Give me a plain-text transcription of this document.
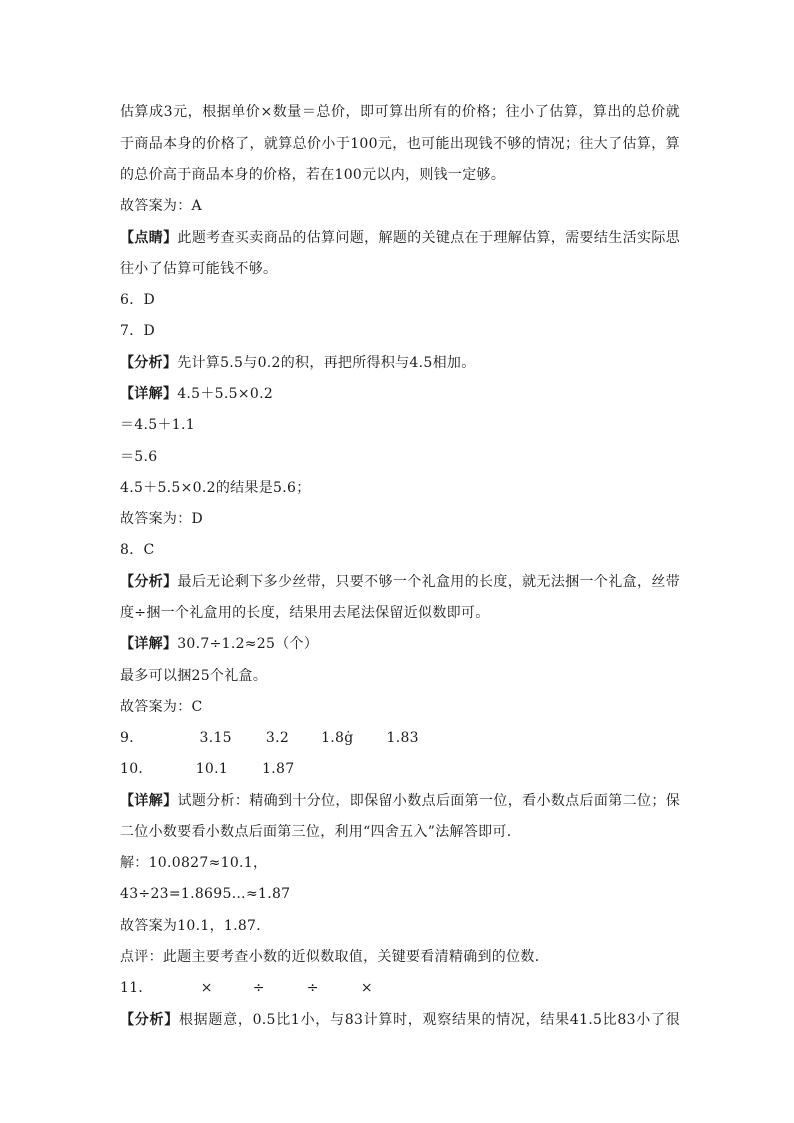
估算成3元，根据单价×数量＝总价，即可算出所有的价格；往小了估算，算出的总价就
于商品本身的价格了，就算总价小于100元，也可能出现钱不够的情况；往大了估算，算
的总价高于商品本身的价格，若在100元以内，则钱一定够。
故答案为：A
【点睛】此题考查买卖商品的估算问题，解题的关键点在于理解估算，需要结生活实际思
往小了估算可能钱不够。
6．D
7．D
【分析】先计算5.5与0.2的积，再把所得积与4.5相加。
【详解】4.5＋5.5×0.2
＝4.5＋1.1
＝5.6
4.5＋5.5×0.2的结果是5.6；
故答案为：D
8．C
【分析】最后无论剩下多少丝带，只要不够一个礼盒用的长度，就无法捆一个礼盒，丝带
度÷捆一个礼盒用的长度，结果用去尾法保留近似数即可。
【详解】30.7÷1.2≈25（个）
最多可以捆25个礼盒。
故答案为：C
9．	3.15 3.2 1.8ġ 1.83
10．	10.1 1.87
【详解】试题分析：精确到十分位，即保留小数点后面第一位，看小数点后面第二位；保
二位小数要看小数点后面第三位，利用“四舍五入”法解答即可．
解：10.0827≈10.1，
43÷23=1.8695…≈1.87
故答案为10.1，1.87．
点评：此题主要考查小数的近似数取值，关键要看清精确到的位数．
11．	×	÷	÷	×
【分析】根据题意，0.5比1小，与83计算时，观察结果的情况，结果41.5比83小了很
